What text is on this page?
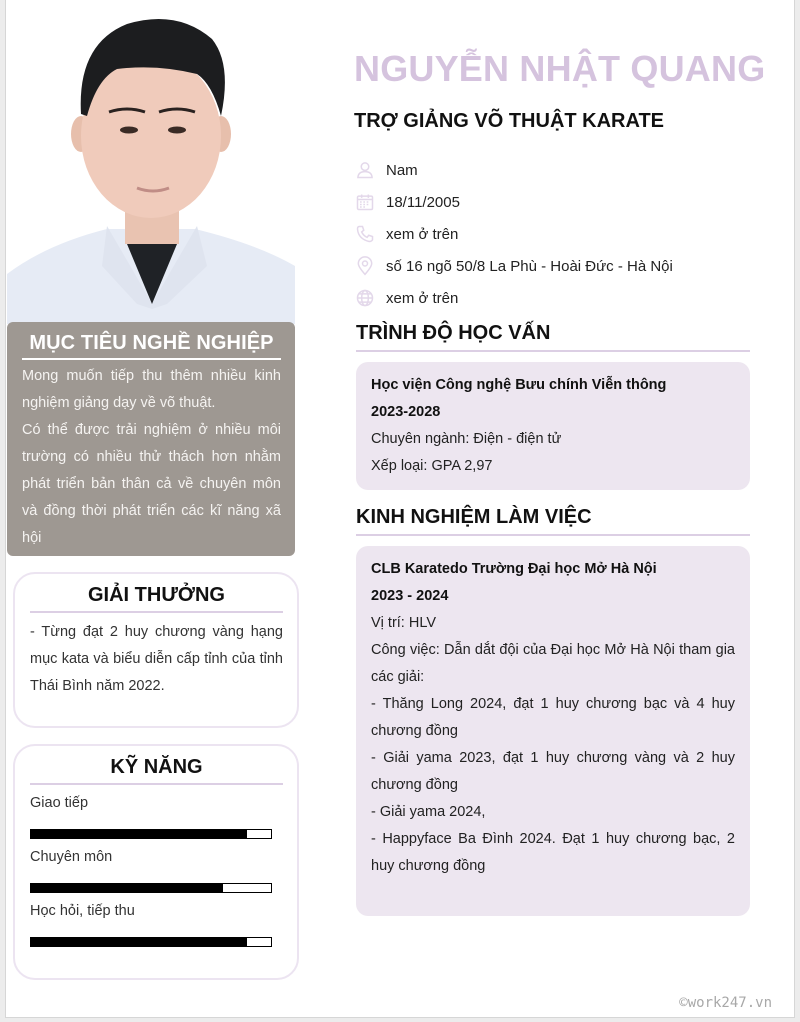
MỤC TIÊU NGHỀ NGHIỆP

Mong muốn tiếp thu thêm nhiều kinh nghiệm giảng dạy về võ thuật.

Có thể được trải nghiệm ở nhiều môi trường có nhiều thử thách hơn nhằm phát triển bản thân cả về chuyên môn và đồng thời phát triển các kĩ năng xã hội

GIẢI THƯỞNG

- Từng đạt 2 huy chương vàng hạng mục kata và biểu diễn cấp tỉnh của tỉnh Thái Bình năm 2022.

KỸ NĂNG
Giao tiếp
Chuyên môn
Học hỏi, tiếp thu
NGUYỄN NHẬT QUANG
TRỢ GIẢNG VÕ THUẬT KARATE
Nam
18/11/2005
xem ở trên
số 16 ngõ 50/8 La Phù - Hoài Đức - Hà Nội
xem ở trên
TRÌNH ĐỘ HỌC VẤN
Học viện Công nghệ Bưu chính Viễn thông
2023-2028
Chuyên ngành: Điện - điện tử
Xếp loại: GPA 2,97
KINH NGHIỆM LÀM VIỆC
CLB Karatedo Trường Đại học Mở Hà Nội
2023 - 2024
Vị trí: HLV
Công việc: Dẫn dắt đội của Đại học Mở Hà Nội tham gia các giải:
- Thăng Long 2024, đạt 1 huy chương bạc và 4 huy chương đồng
- Giải yama 2023, đạt 1 huy chương vàng và 2 huy chương đồng
- Giải yama 2024,
- Happyface Ba Đình 2024. Đạt 1 huy chương bạc, 2 huy chương đồng
©work247.vn
